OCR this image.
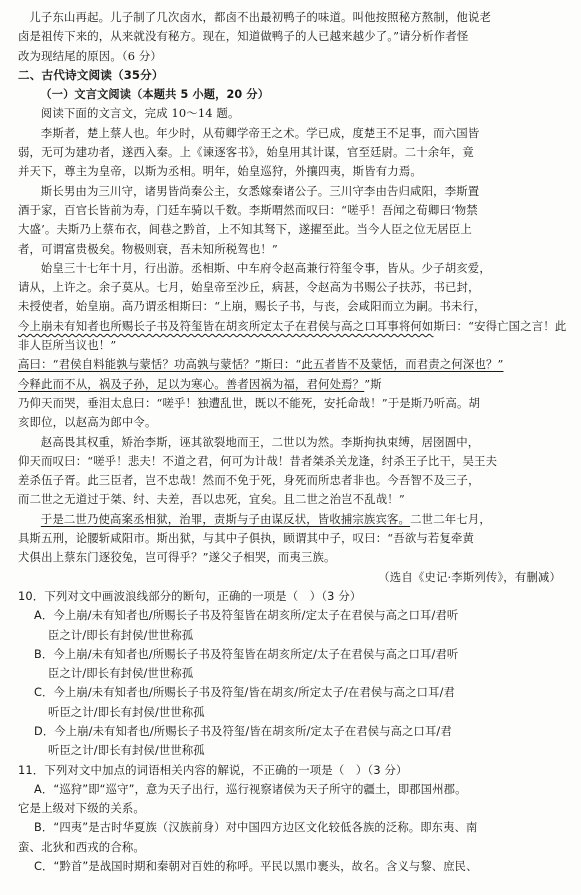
儿子东山再起。儿子制了几次卤水，都卤不出最初鸭子的味道。叫他按照秘方熬制，他说老

卤是祖传下来的，从来就没有秘方。现在，知道做鸭子的人已越来越少了。”请分析作者怪

改为现结尾的原因。（6 分）

二、古代诗文阅读（35分）

（一）文言文阅读（本题共 5 小题，20 分）

阅读下面的文言文，完成 10～14 题。

李斯者，楚上蔡人也。年少时，从荀卿学帝王之术。学已成，度楚王不足事，而六国皆

弱，无可为建功者，遂西入秦。上《谏逐客书》，始皇用其计谋，官至廷尉。二十余年，竟

并天下，尊主为皇帝，以斯为丞相。明年，始皇巡狩，外攘四夷，斯皆有力焉。

斯长男由为三川守，诸男皆尚秦公主，女悉嫁秦诸公子。三川守李由告归咸阳，李斯置

酒于家，百官长皆前为寿，门廷车骑以千数。李斯喟然而叹曰：“嗟乎！吾闻之荀卿曰‘物禁

大盛’。夫斯乃上蔡布衣，闾巷之黔首，上不知其驽下，遂擢至此。当今人臣之位无居臣上

者，可谓富贵极矣。物极则衰，吾未知所税驾也！”

始皇三十七年十月，行出游。丞相斯、中车府令赵高兼行符玺令事，皆从。少子胡亥爱，

请从，上许之。余子莫从。七月，始皇帝至沙丘，病甚，令赵高为书赐公子扶苏，书已封，

未授使者，始皇崩。高乃谓丞相斯曰：“上崩，赐长子书，与丧，会咸阳而立为嗣。书未行，

今上崩未有知者也所赐长子书及符玺皆在胡亥所定太子在君侯与高之口耳事将何如斯曰：“安得亡国之言！此非人臣所当议也！”

高曰：“君侯自料能孰与蒙恬？功高孰与蒙恬？”斯曰：“此五者皆不及蒙恬，而君责之何深也？”

今释此而不从，祸及子孙，足以为寒心。善者因祸为福，君何处焉？”斯

乃仰天而哭，垂泪太息曰：“嗟乎！独遭乱世，既以不能死，安托命哉！”于是斯乃听高。胡

亥即位，以赵高为郎中令。

赵高畏其权重，矫治李斯，诬其欲裂地而王，二世以为然。李斯拘执束缚，居囹圄中，

仰天而叹曰：“嗟乎！悲夫！不道之君，何可为计哉！昔者桀杀关龙逢，纣杀王子比干，吴王夫

差杀伍子胥。此三臣者，岂不忠哉！然而不免于死，身死而所忠者非也。今吾智不及三子，

而二世之无道过于桀、纣、夫差，吾以忠死，宜矣。且二世之治岂不乱哉！”

于是二世乃使高案丞相狱，治罪，责斯与子由谋反状，皆收捕宗族宾客。二世二年七月，

具斯五刑，论腰斩咸阳市。斯出狱，与其中子俱执，顾谓其中子，叹曰：“吾欲与若复牵黄

犬俱出上蔡东门逐狡兔，岂可得乎？”遂父子相哭，而夷三族。

（选自《史记·李斯列传》，有删减）

10．下列对文中画波浪线部分的断句，正确的一项是（　）（3 分）

A．今上崩/未有知者也/所赐长子书及符玺皆在胡亥所/定太子在君侯与高之口耳/君听

臣之计/即长有封侯/世世称孤

B．今上崩/未有知者也/所赐长子书及符玺皆在胡亥所定/太子在君侯与高之口耳/君听

臣之计/即长有封侯/世世称孤

C．今上崩/未有知者也/所赐长子书及符玺/皆在胡亥/所定太子/在君侯与高之口耳/君

听臣之计/即长有封侯/世世称孤

D．今上崩/未有知者也/所赐长子书及符玺/皆在胡亥所/定太子在君侯与高之口耳/君

听臣之计/即长有封侯/世世称孤

11．下列对文中加点的词语相关内容的解说，不正确的一项是（　）（3 分）

A．“巡狩”即“巡守”，意为天子出行，巡行视察诸侯为天子所守的疆土，即郡国州郡。

它是上级对下级的关系。

B．“四夷”是古时华夏族（汉族前身）对中国四方边区文化较低各族的泛称。即东夷、南

蛮、北狄和西戎的合称。

C．“黔首”是战国时期和秦朝对百姓的称呼。平民以黑巾裹头，故名。含义与黎、庶民、
